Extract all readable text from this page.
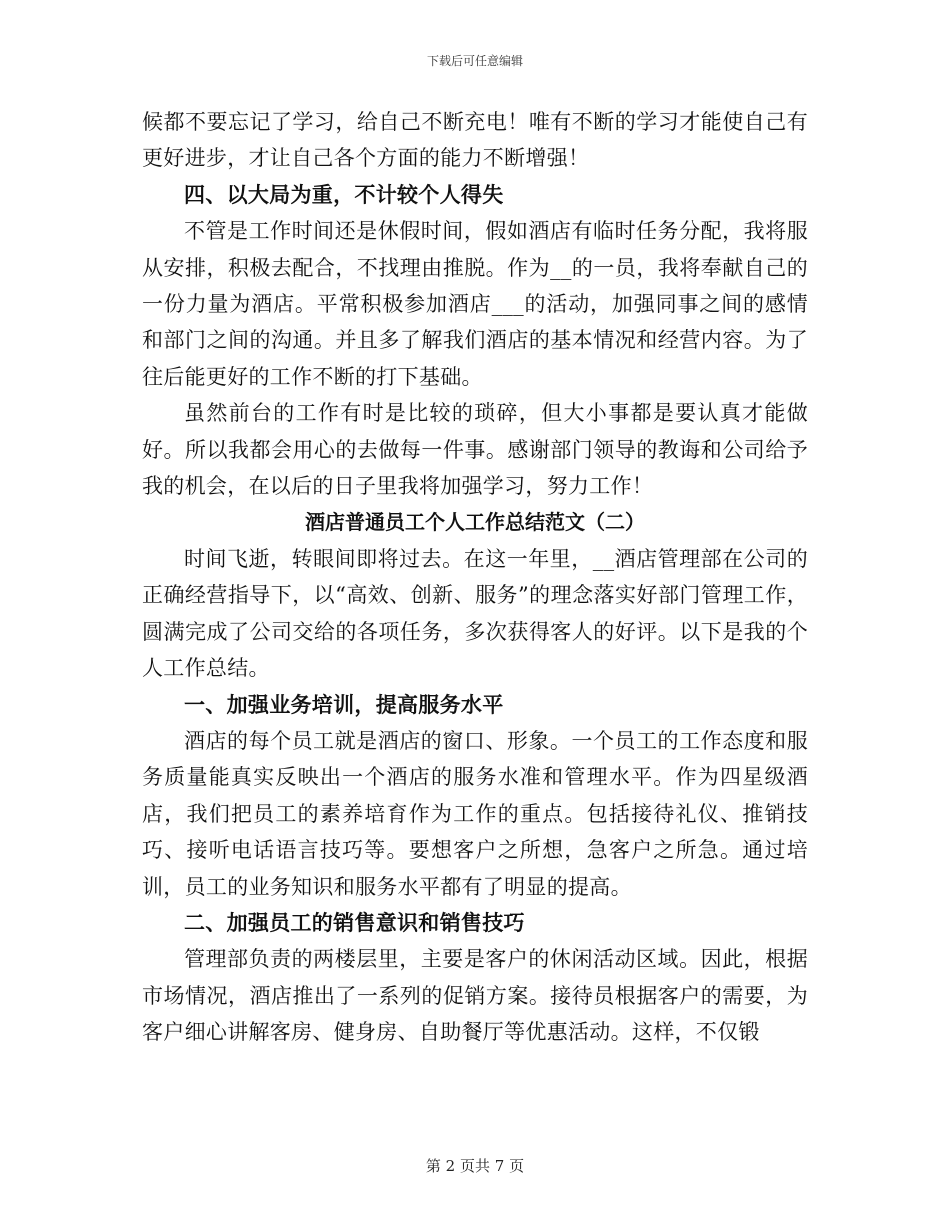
下载后可任意编辑

候都不要忘记了学习，给自己不断充电！唯有不断的学习才能使自己有更好进步，才让自己各个方面的能力不断增强！

四、以大局为重，不计较个人得失

不管是工作时间还是休假时间，假如酒店有临时任务分配，我将服从安排，积极去配合，不找理由推脱。作为__的一员，我将奉献自己的一份力量为酒店。平常积极参加酒店___的活动，加强同事之间的感情和部门之间的沟通。并且多了解我们酒店的基本情况和经营内容。为了往后能更好的工作不断的打下基础。

虽然前台的工作有时是比较的琐碎，但大小事都是要认真才能做好。所以我都会用心的去做每一件事。感谢部门领导的教诲和公司给予我的机会，在以后的日子里我将加强学习，努力工作！

酒店普通员工个人工作总结范文（二）

时间飞逝，转眼间即将过去。在这一年里，__酒店管理部在公司的正确经营指导下，以“高效、创新、服务”的理念落实好部门管理工作，圆满完成了公司交给的各项任务，多次获得客人的好评。以下是我的个人工作总结。

一、加强业务培训，提高服务水平

酒店的每个员工就是酒店的窗口、形象。一个员工的工作态度和服务质量能真实反映出一个酒店的服务水准和管理水平。作为四星级酒店，我们把员工的素养培育作为工作的重点。包括接待礼仪、推销技巧、接听电话语言技巧等。要想客户之所想，急客户之所急。通过培训，员工的业务知识和服务水平都有了明显的提高。

二、加强员工的销售意识和销售技巧

管理部负责的两楼层里，主要是客户的休闲活动区域。因此，根据市场情况，酒店推出了一系列的促销方案。接待员根据客户的需要，为客户细心讲解客房、健身房、自助餐厅等优惠活动。这样，不仅锻

第 2 页共 7 页
